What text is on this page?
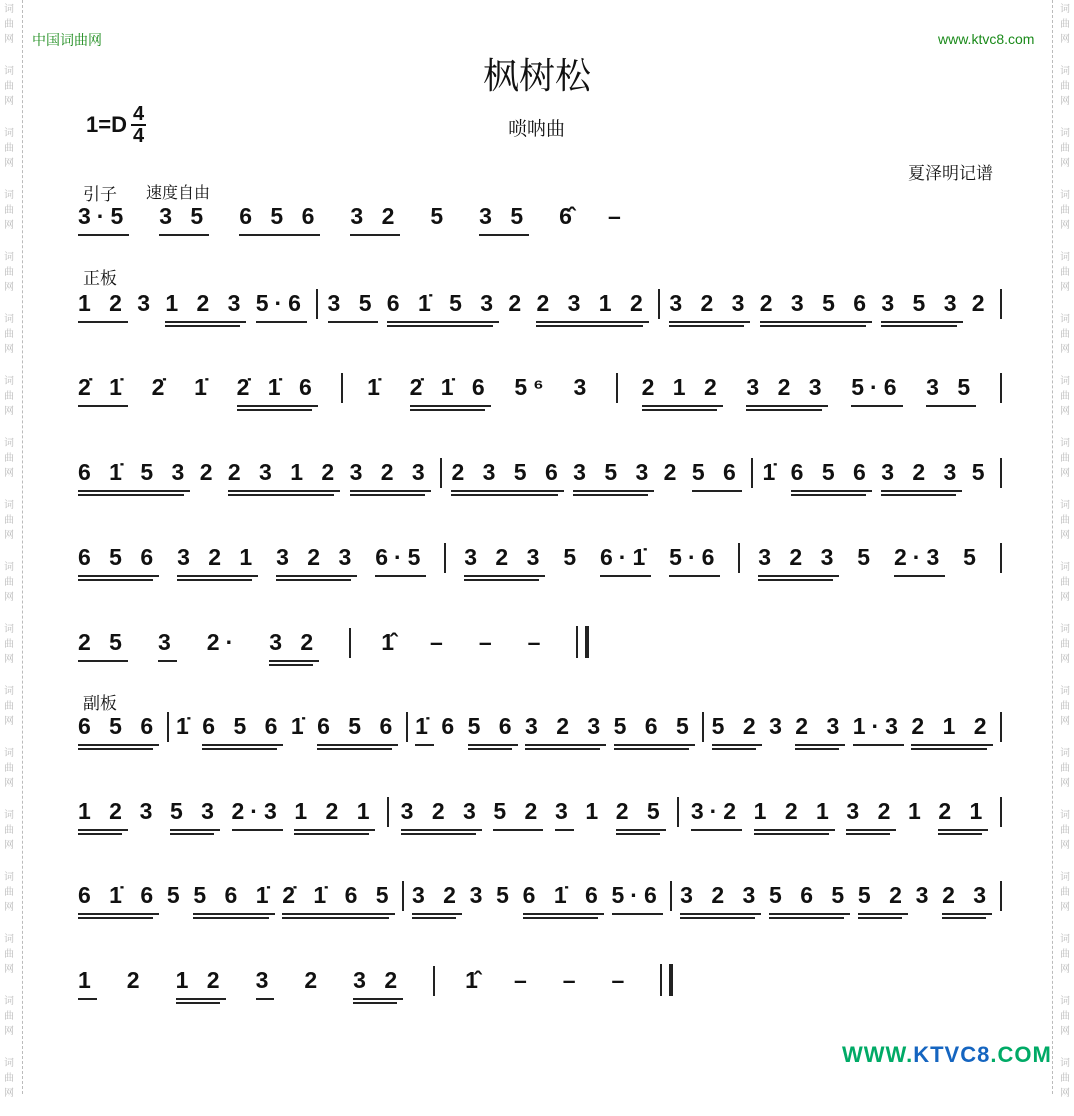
词
曲
网
词
曲
网
词
曲
网
词
曲
网
词
曲
网
词
曲
网
词
曲
网
词
曲
网
词
曲
网
词
曲
网
词
曲
网
词
曲
网
词
曲
网
词
曲
网
词
曲
网
词
曲
网
词
曲
网
词
曲
网
词
曲
网
词
曲
网
词
曲
网
词
曲
网
词
曲
网
词
曲
网
词
曲
网
词
曲
网
词
曲
网
词
曲
网
词
曲
网
词
曲
网
词
曲
网
词
曲
网
词
曲
网
词
曲
网
词
曲
网
词
曲
网
中国词曲网	www.ktvc8.com
枫树松
$1=D \frac{4}{4}$	唢呐曲
夏泽明记谱
引子 速度自由
正板
副板
3·5 3 5 6 5 6 3 2 5 3 5 6̂ –
1 2 3 1 2 3 5·6 3 5 6 1̇ 5 3 2 2 3 1 2 3 2 3 2 3 5 6 3 5 3 2
2̇ 1̇ 2̇ 1̇ 2̇ 1̇ 6 1̇ 2̇ 1̇ 6 5⁶ 3 2 1 2 3 2 3 5·6 3 5
6 1̇ 5 3 2 2 3 1 2 3 2 3 2 3 5 6 3 5 3 2 5 6 1̇ 6 5 6 3 2 3 5
6 5 6 3 2 1 3 2 3 6·5 3 2 3 5 6·1̇ 5·6 3 2 3 5 2·3 5
2 5 3 2· 3 2	1̂ – – –
6 5 6 1̇ 6 5 6 1̇ 6 5 6 1̇ 6 5 6 3 2 3 5 6 5 5 2 3 2 3 1·3 2 1 2
1 2 3 5 3 2·3 1 2 1 3 2 3 5 2 3 1 2 5 3·2 1 2 1 3 2 1 2 1
6 1̇ 6 5 5 6 1̇ 2̇ 1̇ 6 5 3 2 3 5 6 1̇ 6 5·6 3 2 3 5 6 5 5 2 3 2 3
1 2 1 2 3 2 3 2	1̂ – – –
WWW.KTVC8.COM
